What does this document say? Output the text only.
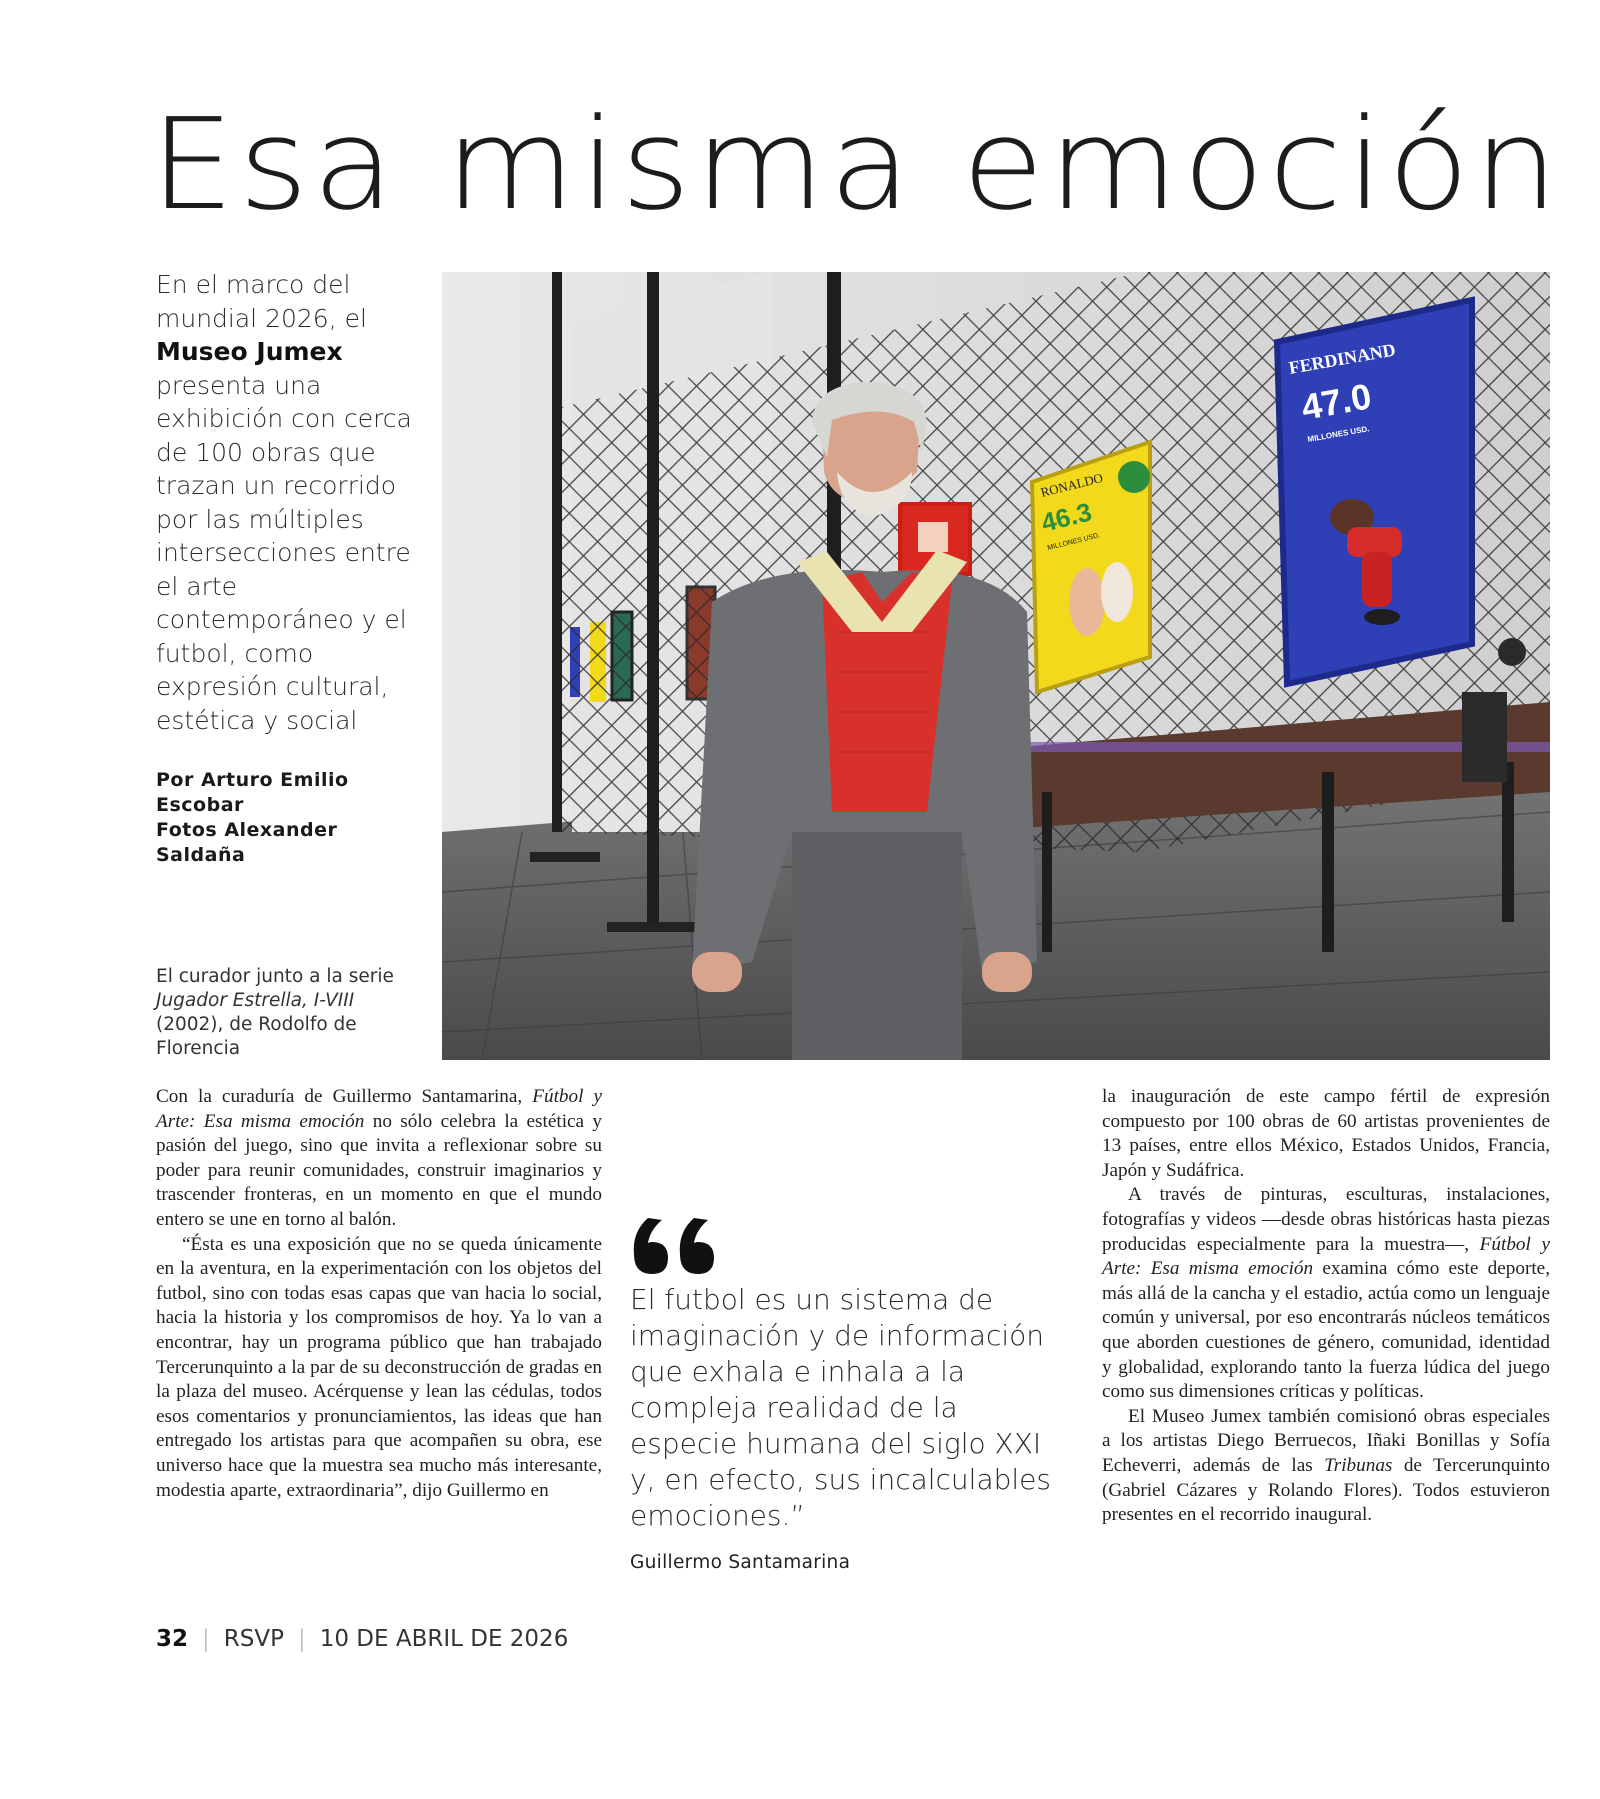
Esa misma emoción
En el marco del mundial 2026, el Museo Jumex presenta una exhibición con cerca de 100 obras que trazan un recorrido por las múltiples intersecciones entre el arte contemporáneo y el futbol, como expresión cultural, estética y social
Por Arturo Emilio Escobar
Fotos Alexander Saldaña
El curador junto a la serie Jugador Estrella, I-VIII (2002), de Rodolfo de Florencia
RONALDO
46.3
MILLONES USD.
FERDINAND
47.0
MILLONES USD.

Con la curaduría de Guillermo Santamarina, Fútbol y Arte: Esa misma emoción no sólo celebra la estética y pasión del juego, sino que invita a reflexionar sobre su poder para reunir comunidades, construir imaginarios y trascender fronteras, en un momento en que el mundo entero se une en torno al balón.

“Ésta es una exposición que no se queda únicamente en la aventura, en la experimentación con los objetos del futbol, sino con todas esas capas que van hacia lo social, hacia la historia y los compromisos de hoy. Ya lo van a encontrar, hay un programa público que han trabajado Tercerunquinto a la par de su deconstrucción de gradas en la plaza del museo. Acérquense y lean las cédulas, todos esos comentarios y pronunciamientos, las ideas que han entregado los artistas para que acompañen su obra, ese universo hace que la muestra sea mucho más interesante, modestia aparte, extraordinaria”, dijo Guillermo en

El futbol es un sistema de imaginación y de información que exhala e inhala a la compleja realidad de la especie humana del siglo XXI y, en efecto, sus incalculables emociones.”
Guillermo Santamarina

la inauguración de este campo fértil de expresión compuesto por 100 obras de 60 artistas provenientes de 13 países, entre ellos México, Estados Unidos, Francia, Japón y Sudáfrica.

A través de pinturas, esculturas, instalaciones, fotografías y videos —desde obras históricas hasta piezas producidas especialmente para la muestra—, Fútbol y Arte: Esa misma emoción examina cómo este deporte, más allá de la cancha y el estadio, actúa como un lenguaje común y universal, por eso encontrarás núcleos temáticos que aborden cuestiones de género, comunidad, identidad y globalidad, explorando tanto la fuerza lúdica del juego como sus dimensiones críticas y políticas.

El Museo Jumex también comisionó obras especiales a los artistas Diego Berruecos, Iñaki Bonillas y Sofía Echeverri, además de las Tribunas de Tercerunquinto (Gabriel Cázares y Rolando Flores). Todos estuvieron presentes en el recorrido inaugural.

32 | RSVP | 10 DE ABRIL DE 2026
